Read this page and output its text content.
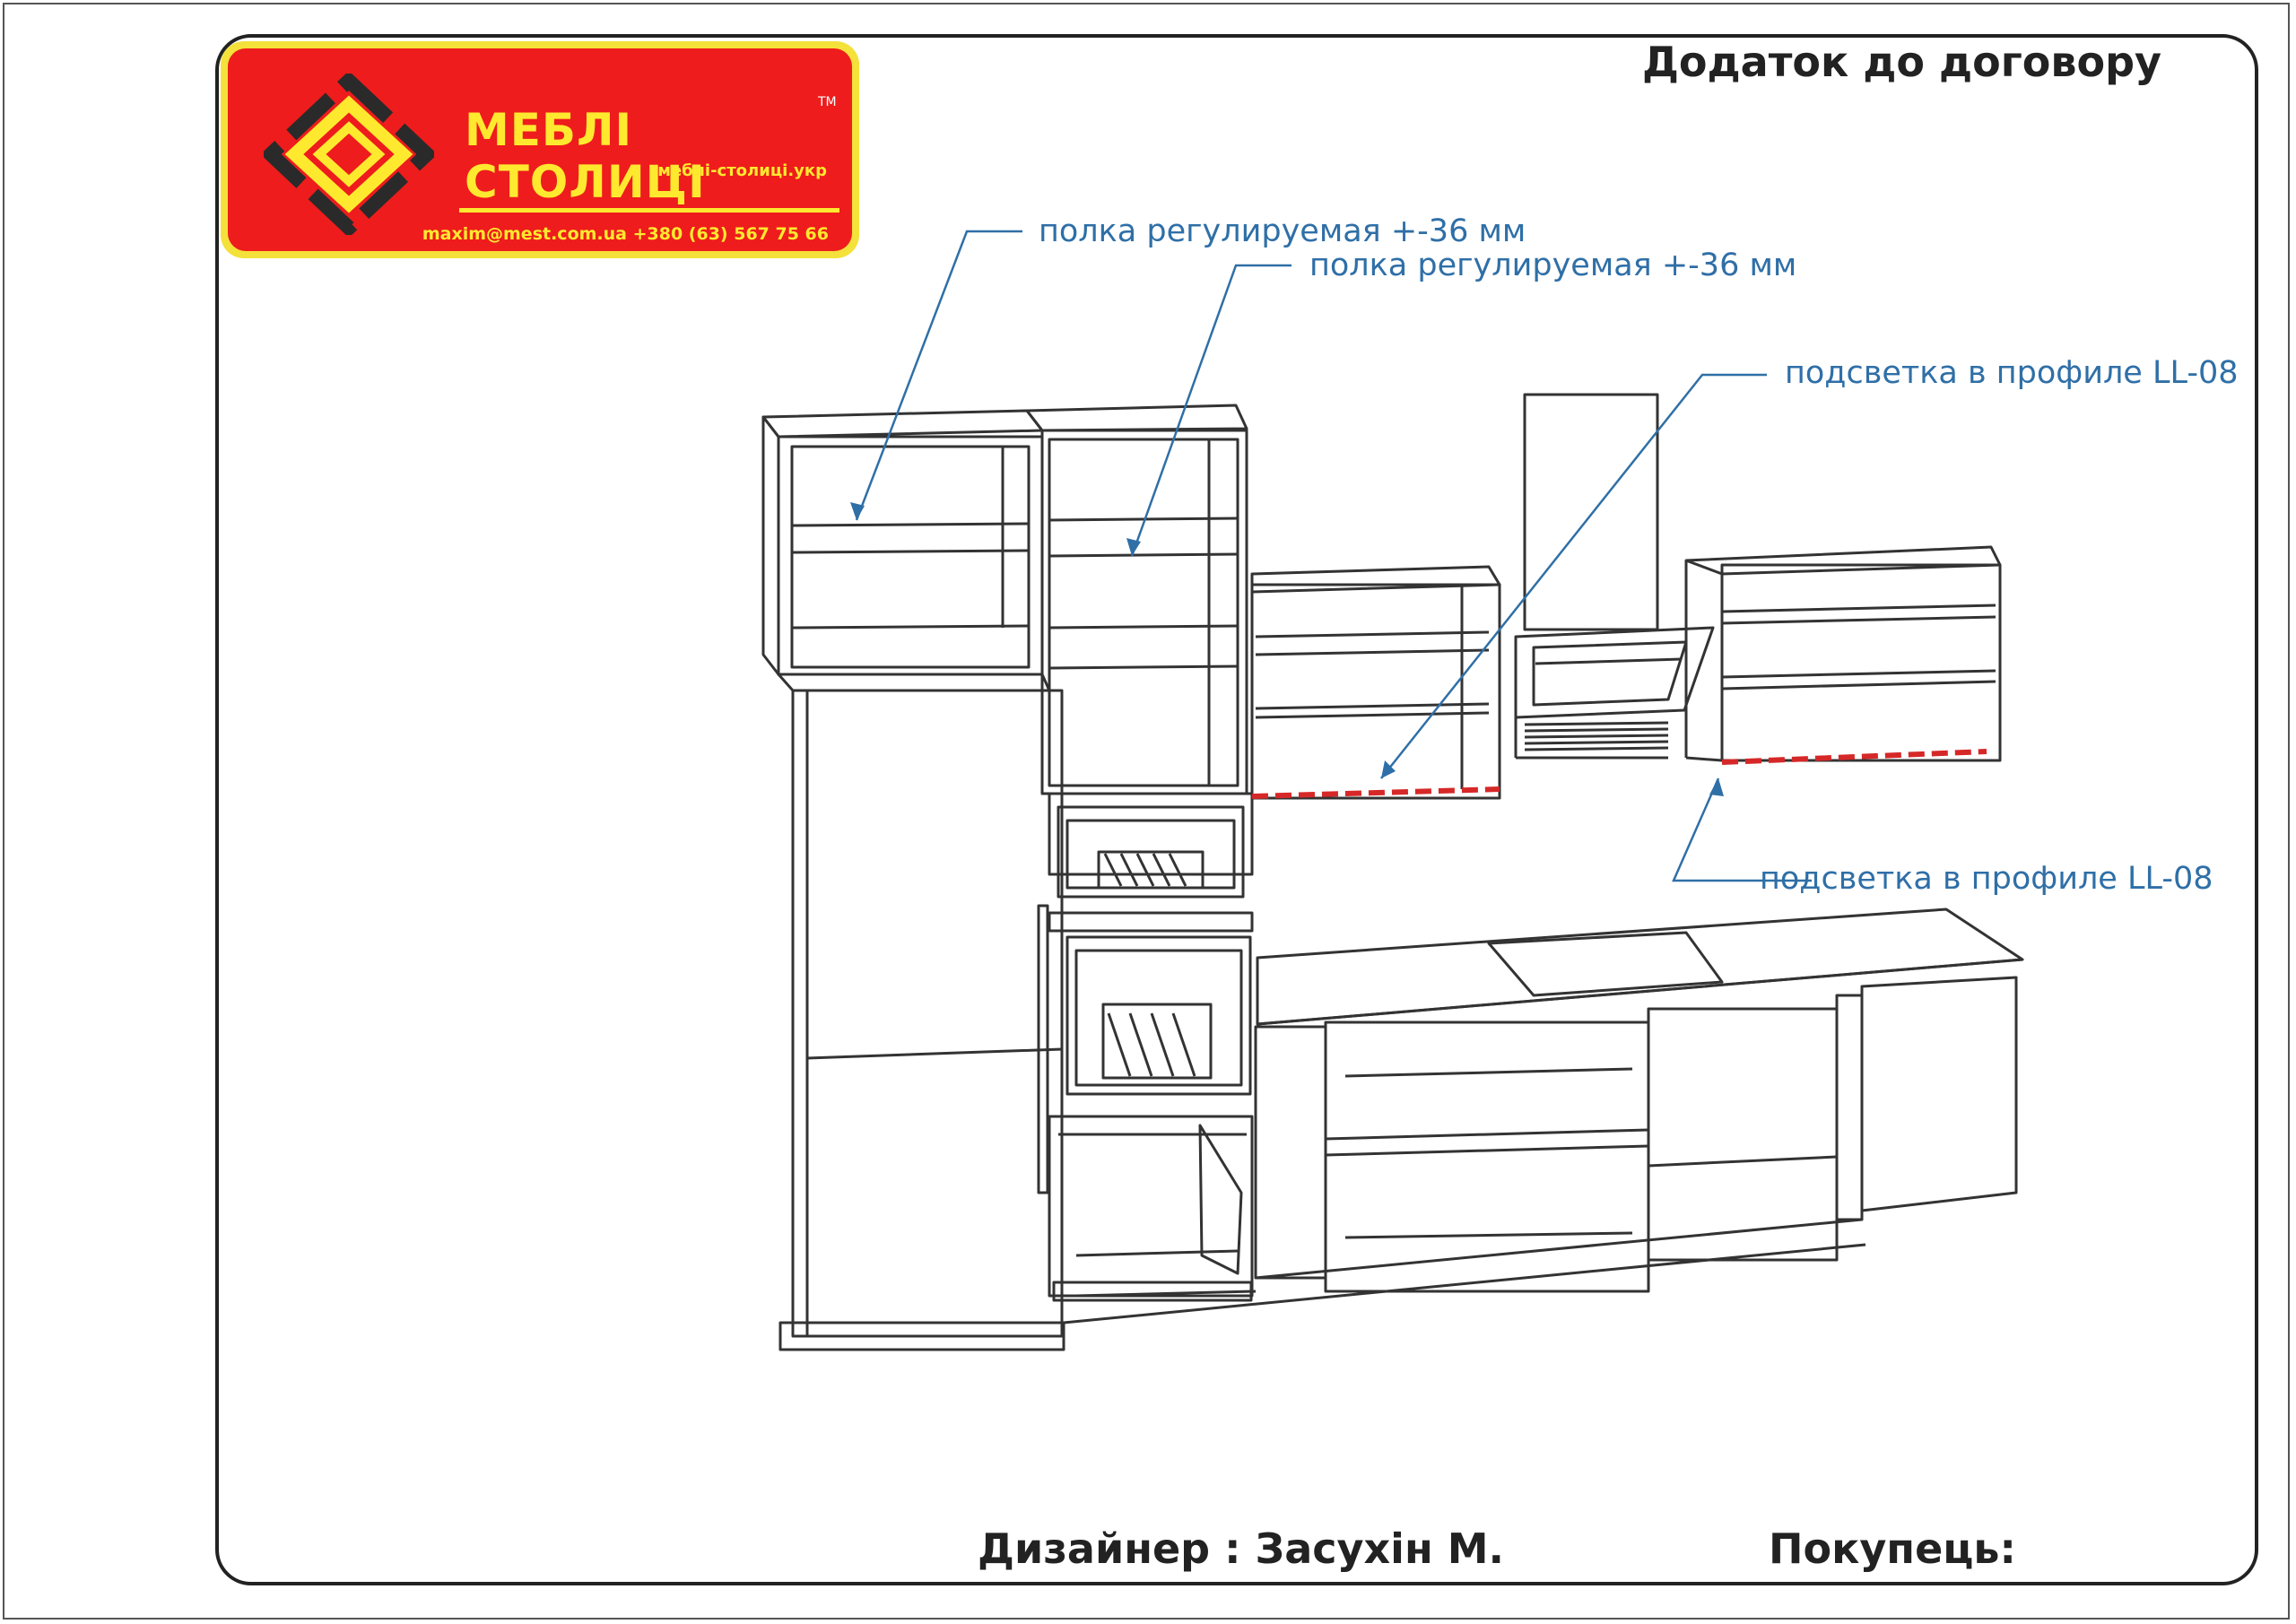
МЕБЛІ СТОЛИЦІ
TM
меблі-столиці.укр
maxim@mest.com.ua +380 (63) 567 75 66
Додаток до договору
полка регулируемая +-36 мм
полка регулируемая +-36 мм
подсветка в профиле LL-08
подсветка в профиле LL-08
Дизайнер : Засухін М.	Покупець:
